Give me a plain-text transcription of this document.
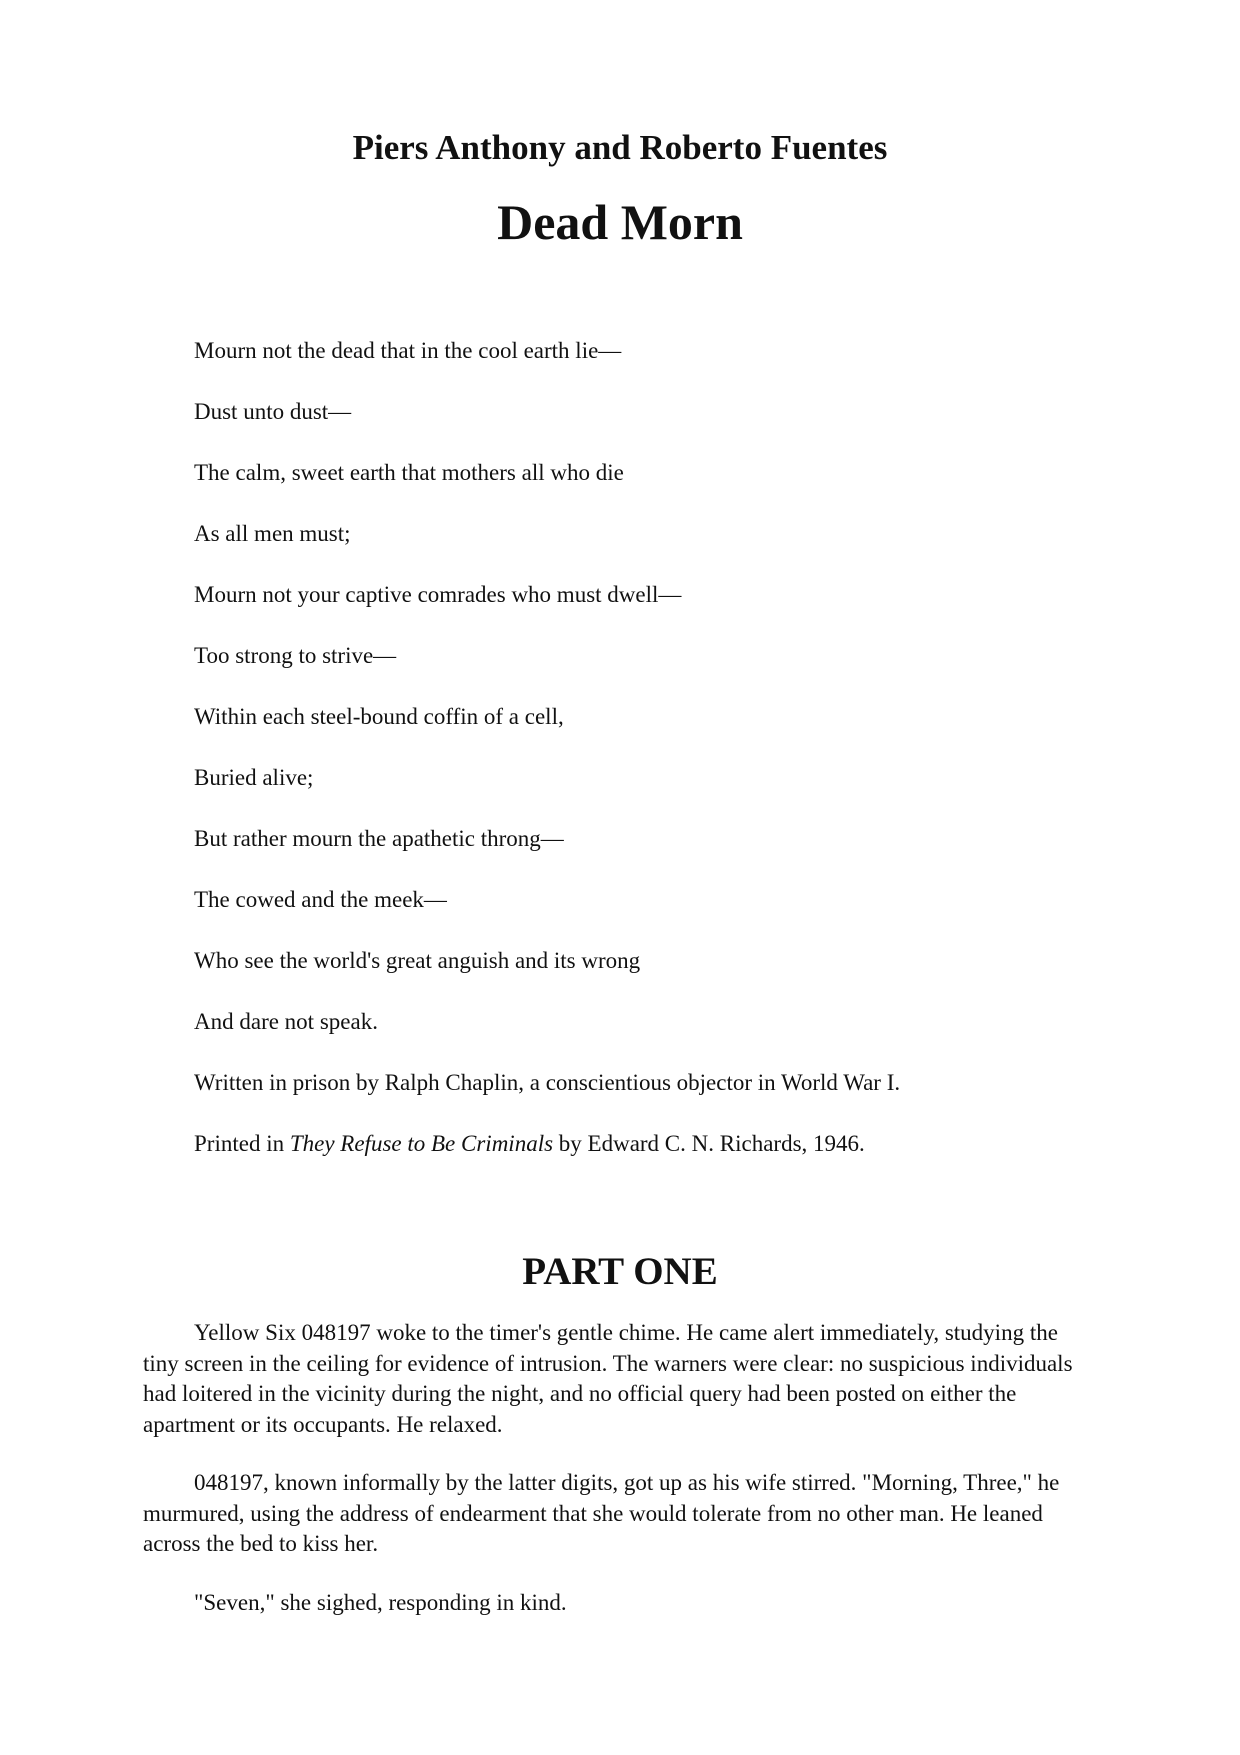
Piers Anthony and Roberto Fuentes
Dead Morn

Mourn not the dead that in the cool earth lie—

Dust unto dust—

The calm, sweet earth that mothers all who die

As all men must;

Mourn not your captive comrades who must dwell—

Too strong to strive—

Within each steel-bound coffin of a cell,

Buried alive;

But rather mourn the apathetic throng—

The cowed and the meek—

Who see the world's great anguish and its wrong

And dare not speak.

Written in prison by Ralph Chaplin, a conscientious objector in World War I.

Printed in They Refuse to Be Criminals by Edward C. N. Richards, 1946.

PART ONE

Yellow Six 048197 woke to the timer's gentle chime. He came alert immediately, studying the tiny screen in the ceiling for evidence of intrusion. The warners were clear: no suspicious individuals had loitered in the vicinity during the night, and no official query had been posted on either the apartment or its occupants. He relaxed.

048197, known informally by the latter digits, got up as his wife stirred. "Morning, Three," he murmured, using the address of endearment that she would tolerate from no other man. He leaned across the bed to kiss her.

"Seven," she sighed, responding in kind.
